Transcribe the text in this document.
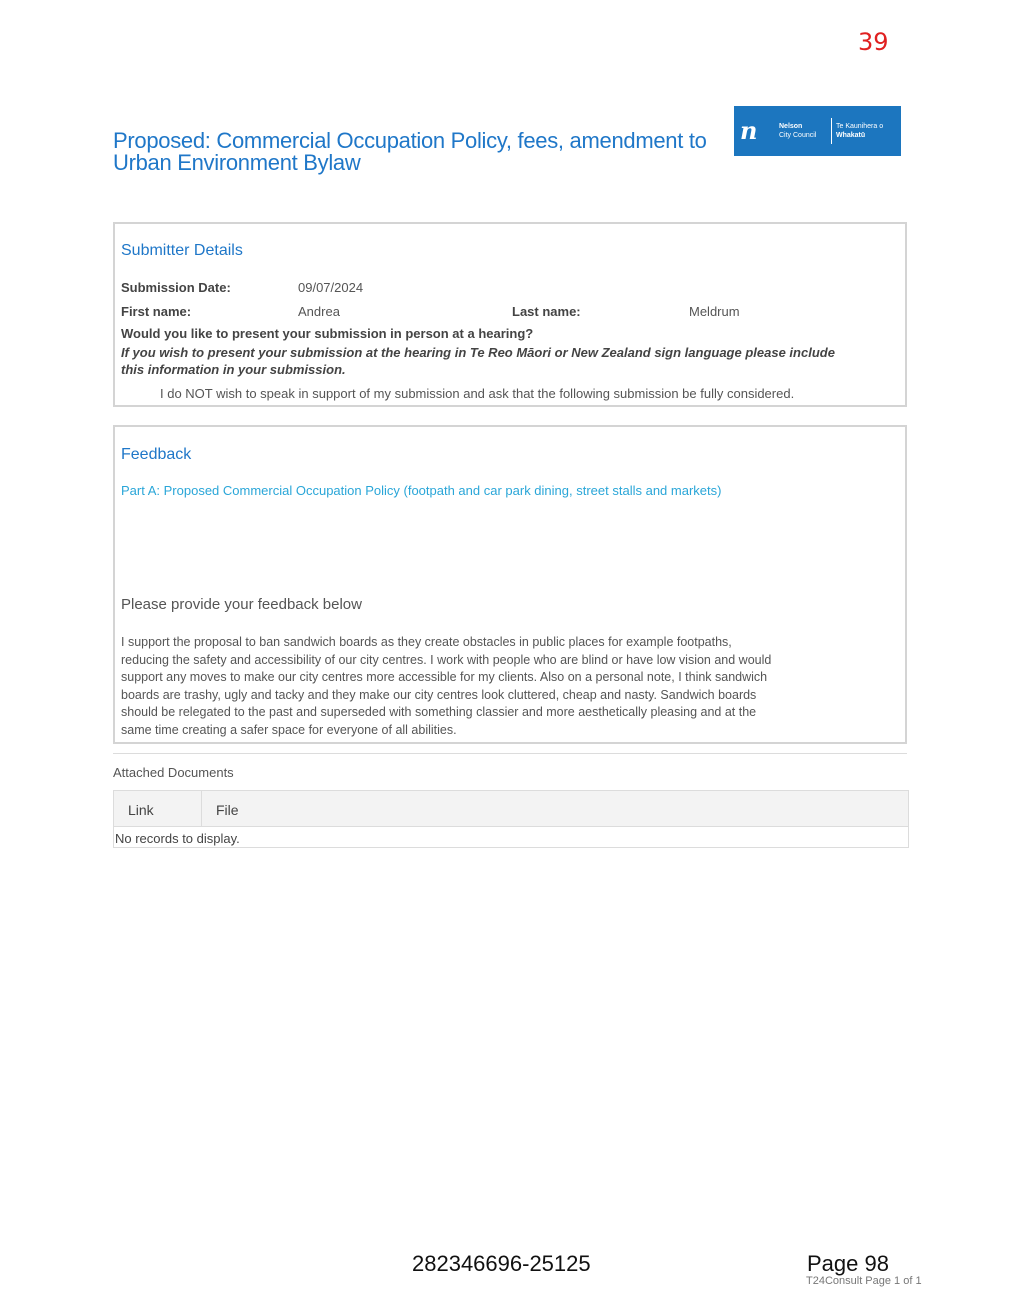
39
Proposed: Commercial Occupation Policy, fees, amendment to
Urban Environment Bylaw
n	Nelson
City Council
Te Kaunihera o
Whakatū
Submitter Details
Submission Date:	09/07/2024
First name:	Andrea	Last name:	Meldrum
Would you like to present your submission in person at a hearing?
If you wish to present your submission at the hearing in Te Reo Māori or New Zealand sign language please include
this information in your submission.
I do NOT wish to speak in support of my submission and ask that the following submission be fully considered.
Feedback
Part A: Proposed Commercial Occupation Policy (footpath and car park dining, street stalls and markets)
Please provide your feedback below
I support the proposal to ban sandwich boards as they create obstacles in public places for example footpaths,
reducing the safety and accessibility of our city centres. I work with people who are blind or have low vision and would
support any moves to make our city centres more accessible for my clients. Also on a personal note, I think sandwich
boards are trashy, ugly and tacky and they make our city centres look cluttered, cheap and nasty. Sandwich boards
should be relegated to the past and superseded with something classier and more aesthetically pleasing and at the
same time creating a safer space for everyone of all abilities.
Attached Documents
Link	File
No records to display.
282346696-25125	Page 98
T24Consult Page 1 of 1
